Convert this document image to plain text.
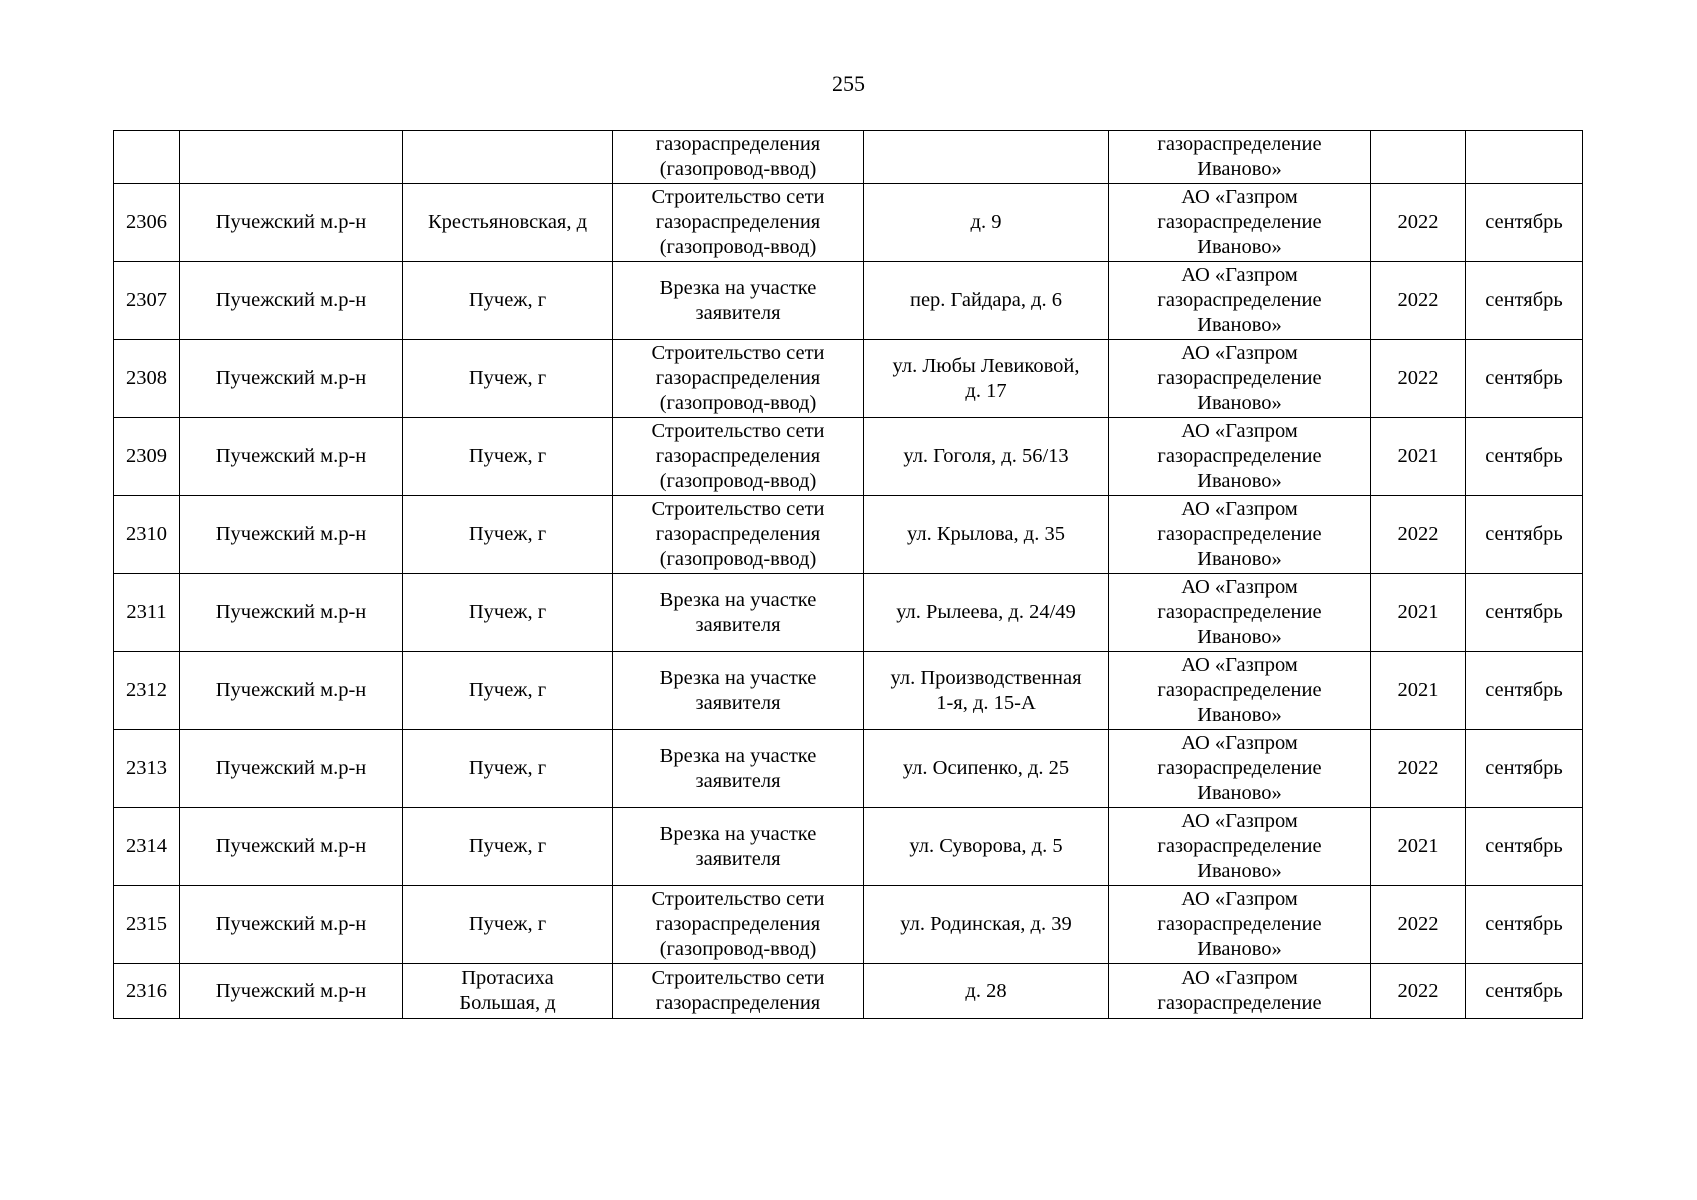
255
			газораспределения
(газопровод-ввод)		газораспределение
Иваново»		
2306	Пучежский м.р-н	Крестьяновская, д	Строительство сети
газораспределения
(газопровод-ввод)	д. 9	АО «Газпром
газораспределение
Иваново»	2022	сентябрь
2307	Пучежский м.р-н	Пучеж, г	Врезка на участке
заявителя	пер. Гайдара, д. 6	АО «Газпром
газораспределение
Иваново»	2022	сентябрь
2308	Пучежский м.р-н	Пучеж, г	Строительство сети
газораспределения
(газопровод-ввод)	ул. Любы Левиковой,
д. 17	АО «Газпром
газораспределение
Иваново»	2022	сентябрь
2309	Пучежский м.р-н	Пучеж, г	Строительство сети
газораспределения
(газопровод-ввод)	ул. Гоголя, д. 56/13	АО «Газпром
газораспределение
Иваново»	2021	сентябрь
2310	Пучежский м.р-н	Пучеж, г	Строительство сети
газораспределения
(газопровод-ввод)	ул. Крылова, д. 35	АО «Газпром
газораспределение
Иваново»	2022	сентябрь
2311	Пучежский м.р-н	Пучеж, г	Врезка на участке
заявителя	ул. Рылеева, д. 24/49	АО «Газпром
газораспределение
Иваново»	2021	сентябрь
2312	Пучежский м.р-н	Пучеж, г	Врезка на участке
заявителя	ул. Производственная
1-я, д. 15-А	АО «Газпром
газораспределение
Иваново»	2021	сентябрь
2313	Пучежский м.р-н	Пучеж, г	Врезка на участке
заявителя	ул. Осипенко, д. 25	АО «Газпром
газораспределение
Иваново»	2022	сентябрь
2314	Пучежский м.р-н	Пучеж, г	Врезка на участке
заявителя	ул. Суворова, д. 5	АО «Газпром
газораспределение
Иваново»	2021	сентябрь
2315	Пучежский м.р-н	Пучеж, г	Строительство сети
газораспределения
(газопровод-ввод)	ул. Родинская, д. 39	АО «Газпром
газораспределение
Иваново»	2022	сентябрь
2316	Пучежский м.р-н	Протасиха
Большая, д	Строительство сети
газораспределения	д. 28	АО «Газпром
газораспределение	2022	сентябрь
